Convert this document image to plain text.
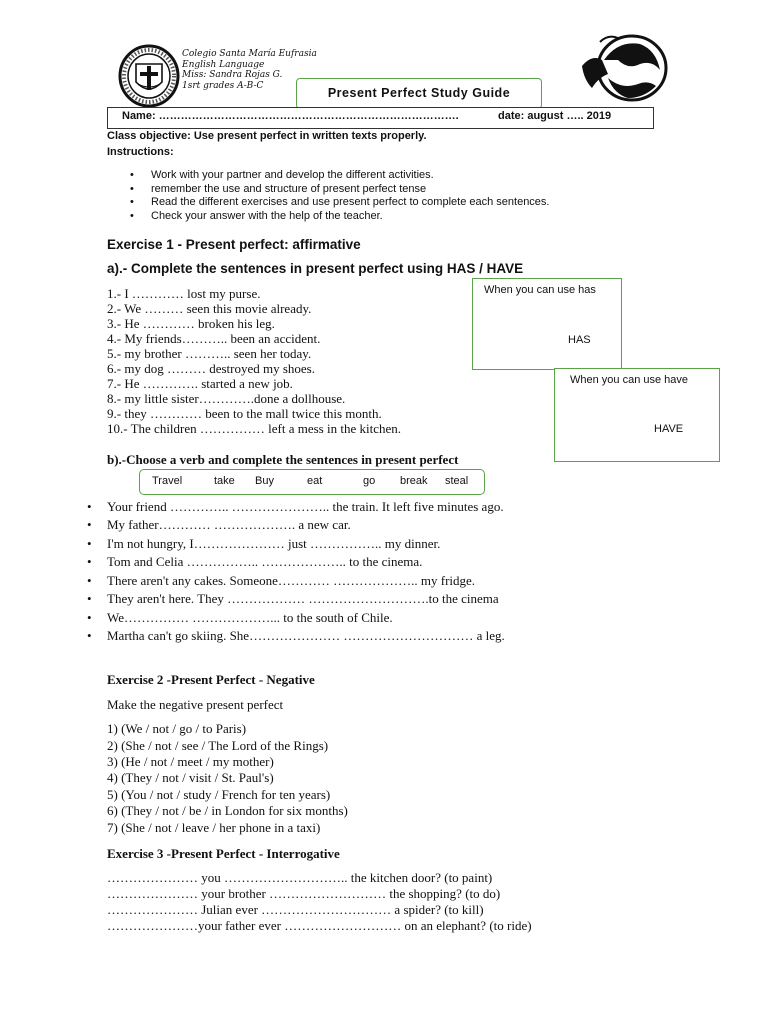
Colegio Santa María Eufrasia
English Language
Miss: Sandra Rojas G.
1srt grades A-B-C
Present Perfect Study Guide
Name: ……………………………………………………………………….	date: august ….. 2019
Class objective: Use present perfect in written texts properly.
Instructions:
• Work with your partner and develop the different activities.
• remember the use and structure of present perfect tense
• Read the different exercises and use present perfect to complete each sentences.
• Check your answer with the help of the teacher.
Exercise 1 - Present perfect: affirmative
a).- Complete the sentences in present perfect using HAS / HAVE
1.- I ………… lost my purse.
2.- We ……… seen this movie already.
3.- He ………… broken his leg.
4.- My friends……….. been an accident.
5.- my brother ……….. seen her today.
6.- my dog ……… destroyed my shoes.
7.- He …………. started a new job.
8.- my little sister………….done a dollhouse.
9.- they ………… been to the mall twice this month.
10.- The children …………… left a mess in the kitchen.
When you can use has
HAS
When you can use have
HAVE
b).-Choose a verb and complete the sentences in present perfect
Travel	take Buy	eat	go break steal
• Your friend ………….. ………………….. the train. It left five minutes ago.
• My father………… ………………. a new car.
• I'm not hungry, I………………… just …………….. my dinner.
• Tom and Celia …………….. ……………….. to the cinema.
• There aren't any cakes. Someone………… ……………….. my fridge.
• They aren't here. They ……………… ……………………….to the cinema
• We…………… ………………... to the south of Chile.
• Martha can't go skiing. She………………… ………………………… a leg.
Exercise 2 -Present Perfect - Negative
Make the negative present perfect
1) (We / not / go / to Paris)
2) (She / not / see / The Lord of the Rings)
3) (He / not / meet / my mother)
4) (They / not / visit / St. Paul's)
5) (You / not / study / French for ten years)
6) (They / not / be / in London for six months)
7) (She / not / leave / her phone in a taxi)
Exercise 3 -Present Perfect - Interrogative
………………… you ……………………….. the kitchen door? (to paint)
………………… your brother ……………………… the shopping? (to do)
………………… Julian ever ………………………… a spider? (to kill)
…………………your father ever ……………………… on an elephant? (to ride)
